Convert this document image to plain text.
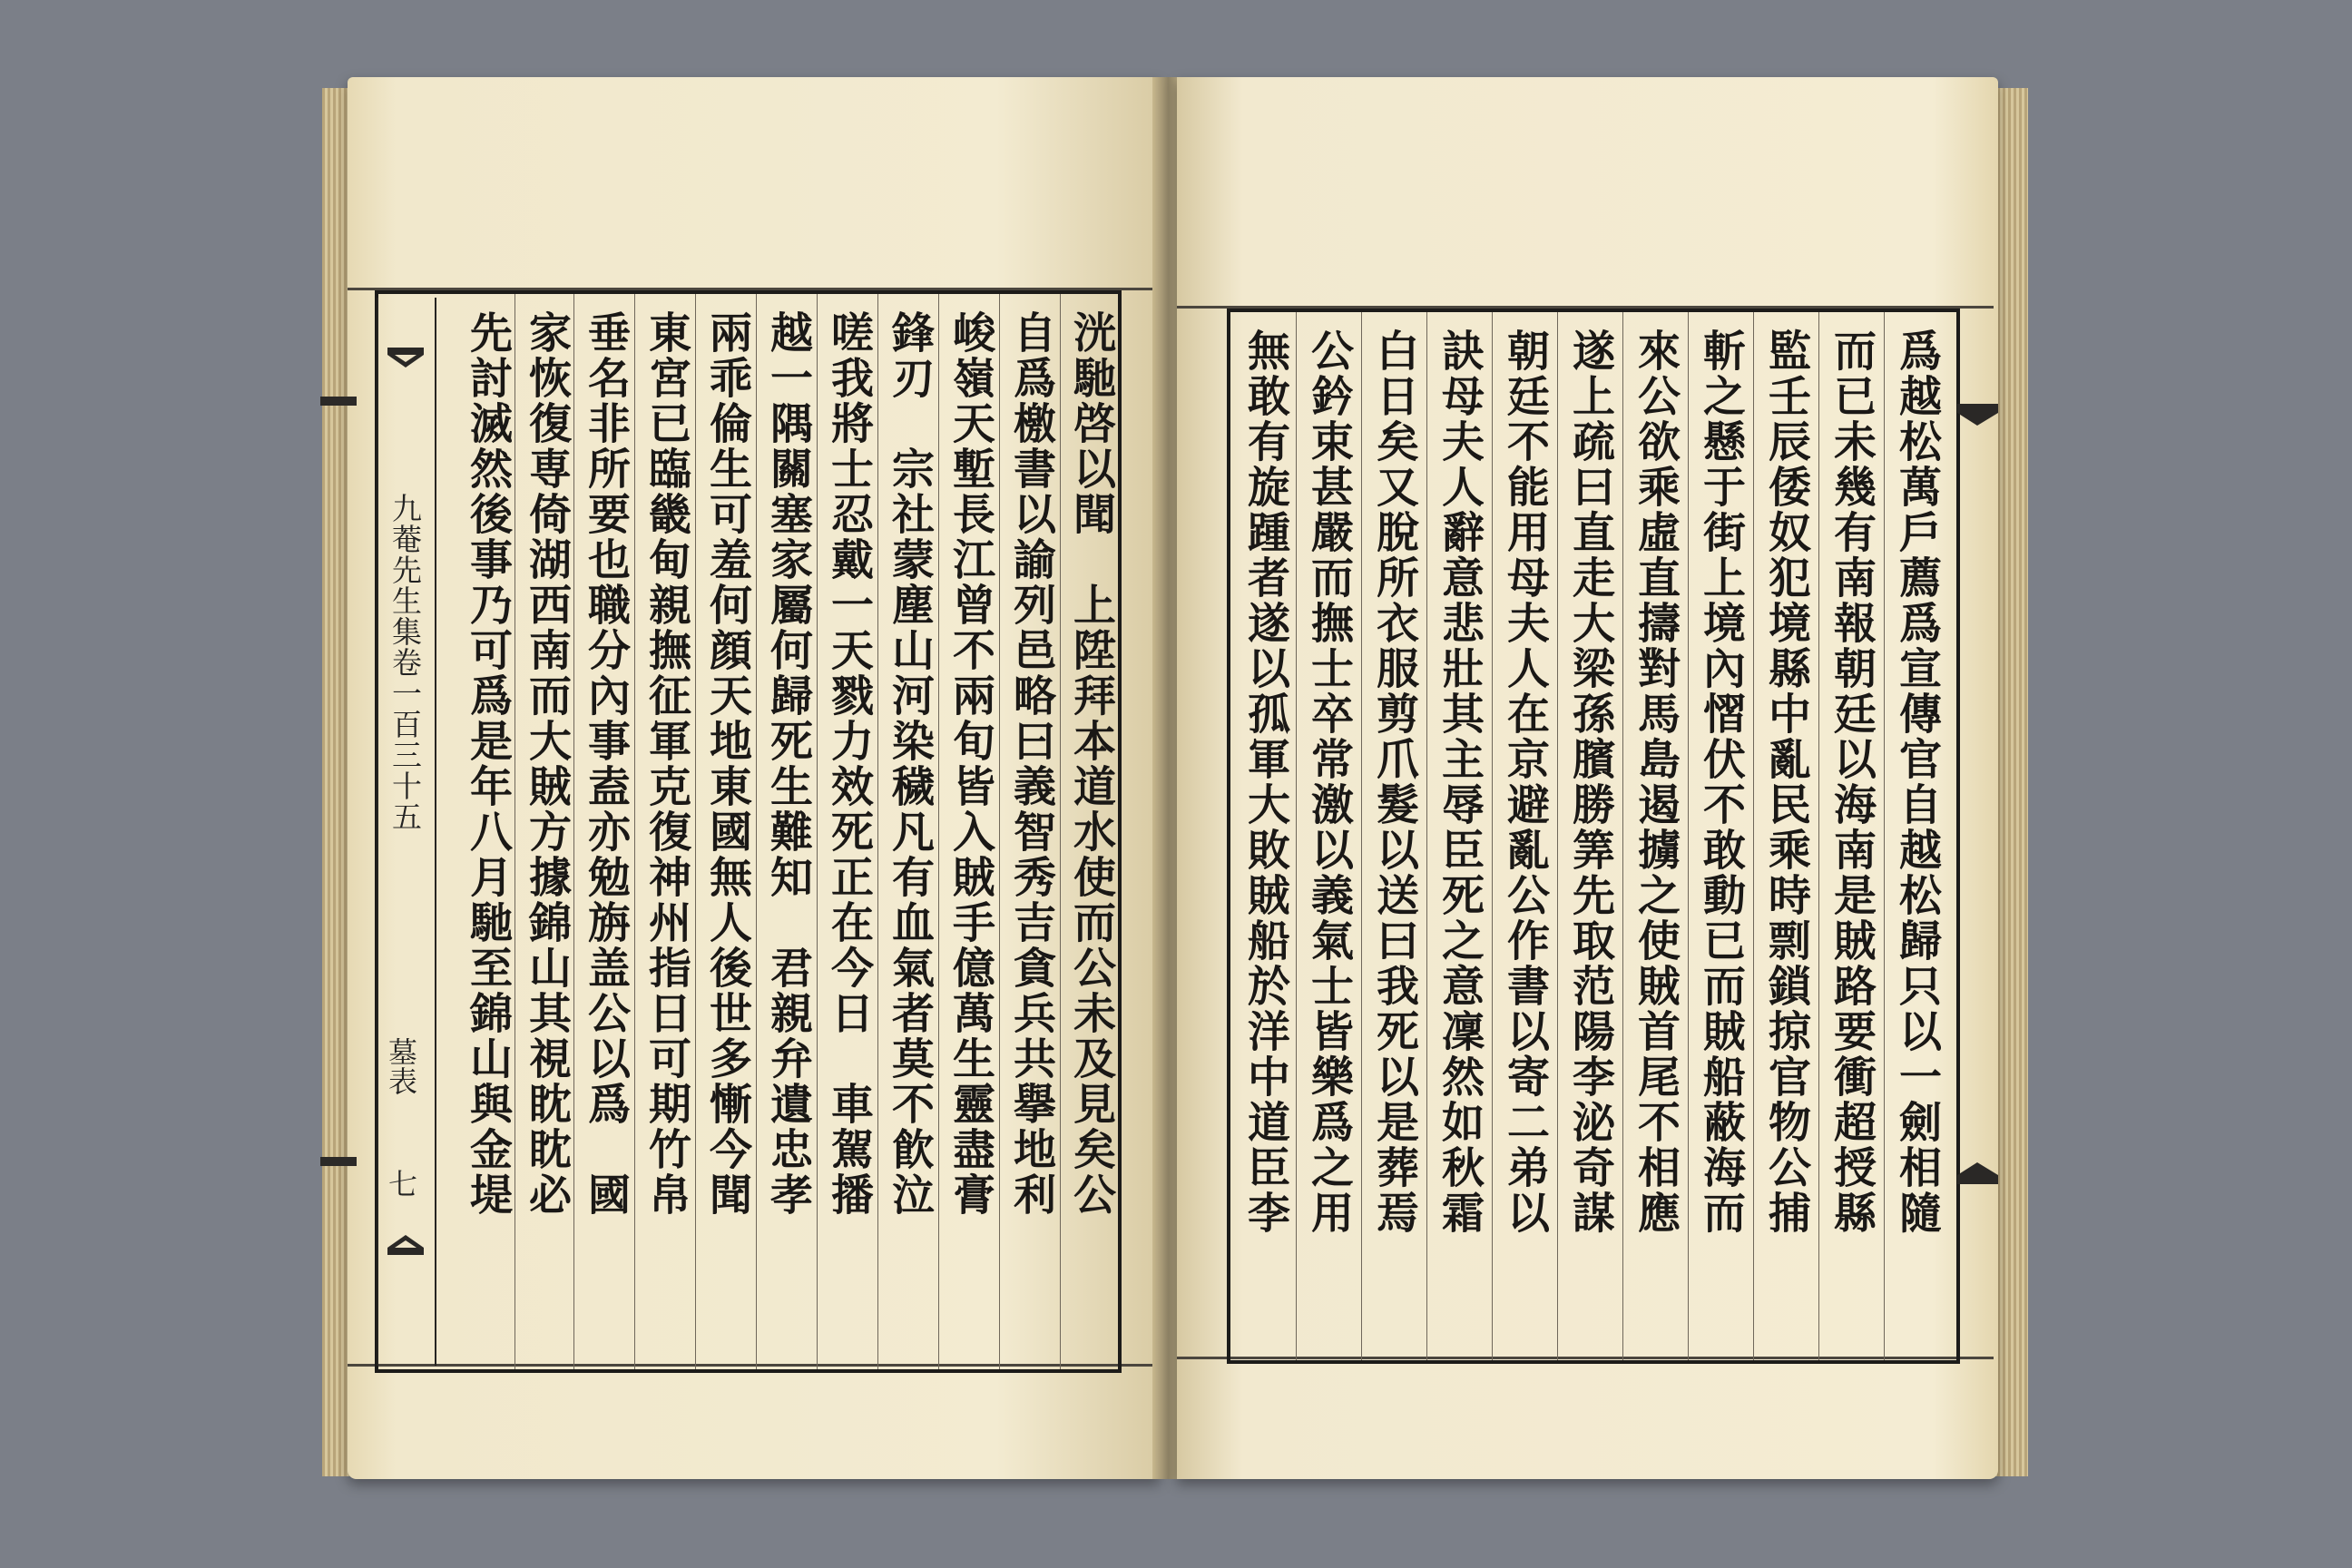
先討滅然後事乃可爲是年八月馳至錦山與金堤 家恢復専倚湖西南而大賊方據錦山其視眈眈必 垂名非所要也職分內事盍亦勉旃盖公以爲　國 東宮已臨畿甸親撫征軍克復神州指日可期竹帛 兩乖倫生可羞何顔天地東國無人後世多慚今聞 越一隅關塞家屬何歸死生難知　君親弁遺忠孝 嗟我將士忍戴一天戮力效死正在今日　車駕播 鋒刃　宗社蒙塵山河染穢凡有血氣者莫不飮泣 峻嶺天塹長江曾不兩旬皆入賊手億萬生靈盡膏 自爲檄書以諭列邑略曰義智秀吉貪兵共擧地利 洸馳啓以聞　上陞拜本道水使而公未及見矣公
九菴先生集卷一百三十五
墓表
七	無敢有旋踵者遂以孤軍大敗賊船於洋中道臣李 公鈐束甚嚴而撫士卒常激以義氣士皆樂爲之用 白日矣又脫所衣服剪爪髮以送曰我死以是葬焉 訣母夫人辭意悲壯其主辱臣死之意凜然如秋霜 朝廷不能用母夫人在京避亂公作書以寄二弟以 遂上疏曰直走大梁孫臏勝筭先取范陽李泌奇謀 來公欲乘虛直擣對馬島遏擄之使賊首尾不相應 斬之懸于街上境內慴伏不敢動已而賊船蔽海而 監壬辰倭奴犯境縣中亂民乘時剽鎖掠官物公捕 而已未幾有南報朝廷以海南是賊路要衝超授縣 爲越松萬戶薦爲宣傳官自越松歸只以一劍相隨
